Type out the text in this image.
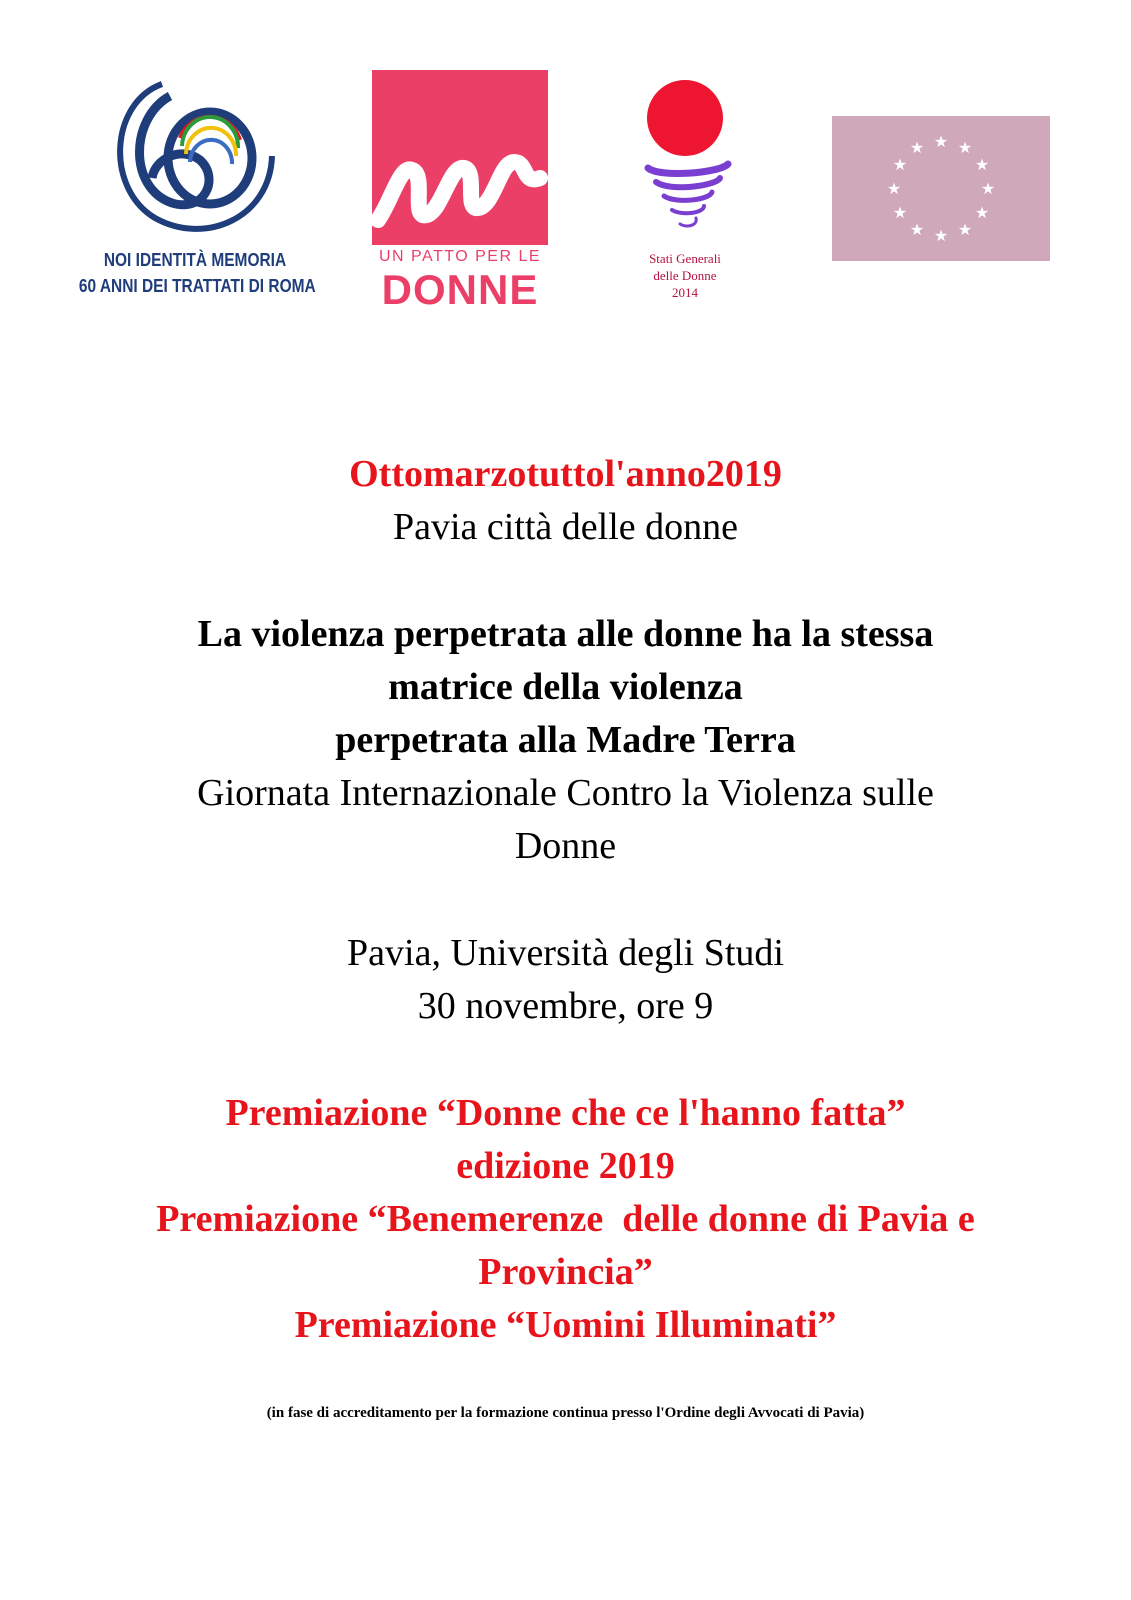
NOI IDENTITÀ MEMORIA
60 ANNI DEI TRATTATI DI ROMA
UN PATTO PER LE
DONNE
Stati Generali
delle Donne
2014
★ ★
★
★
★
★
★
★
★
★
★
★
Ottomarzotuttol'anno2019
Pavia città delle donne
La violenza perpetrata alle donne ha la stessa
matrice della violenza
perpetrata alla Madre Terra
Giornata Internazionale Contro la Violenza sulle
Donne
Pavia, Università degli Studi
30 novembre, ore 9
Premiazione “Donne che ce l'hanno fatta”
edizione 2019
Premiazione “Benemerenze  delle donne di Pavia e
Provincia”
Premiazione “Uomini Illuminati”
(in fase di accreditamento per la formazione continua presso l'Ordine degli Avvocati di Pavia)
